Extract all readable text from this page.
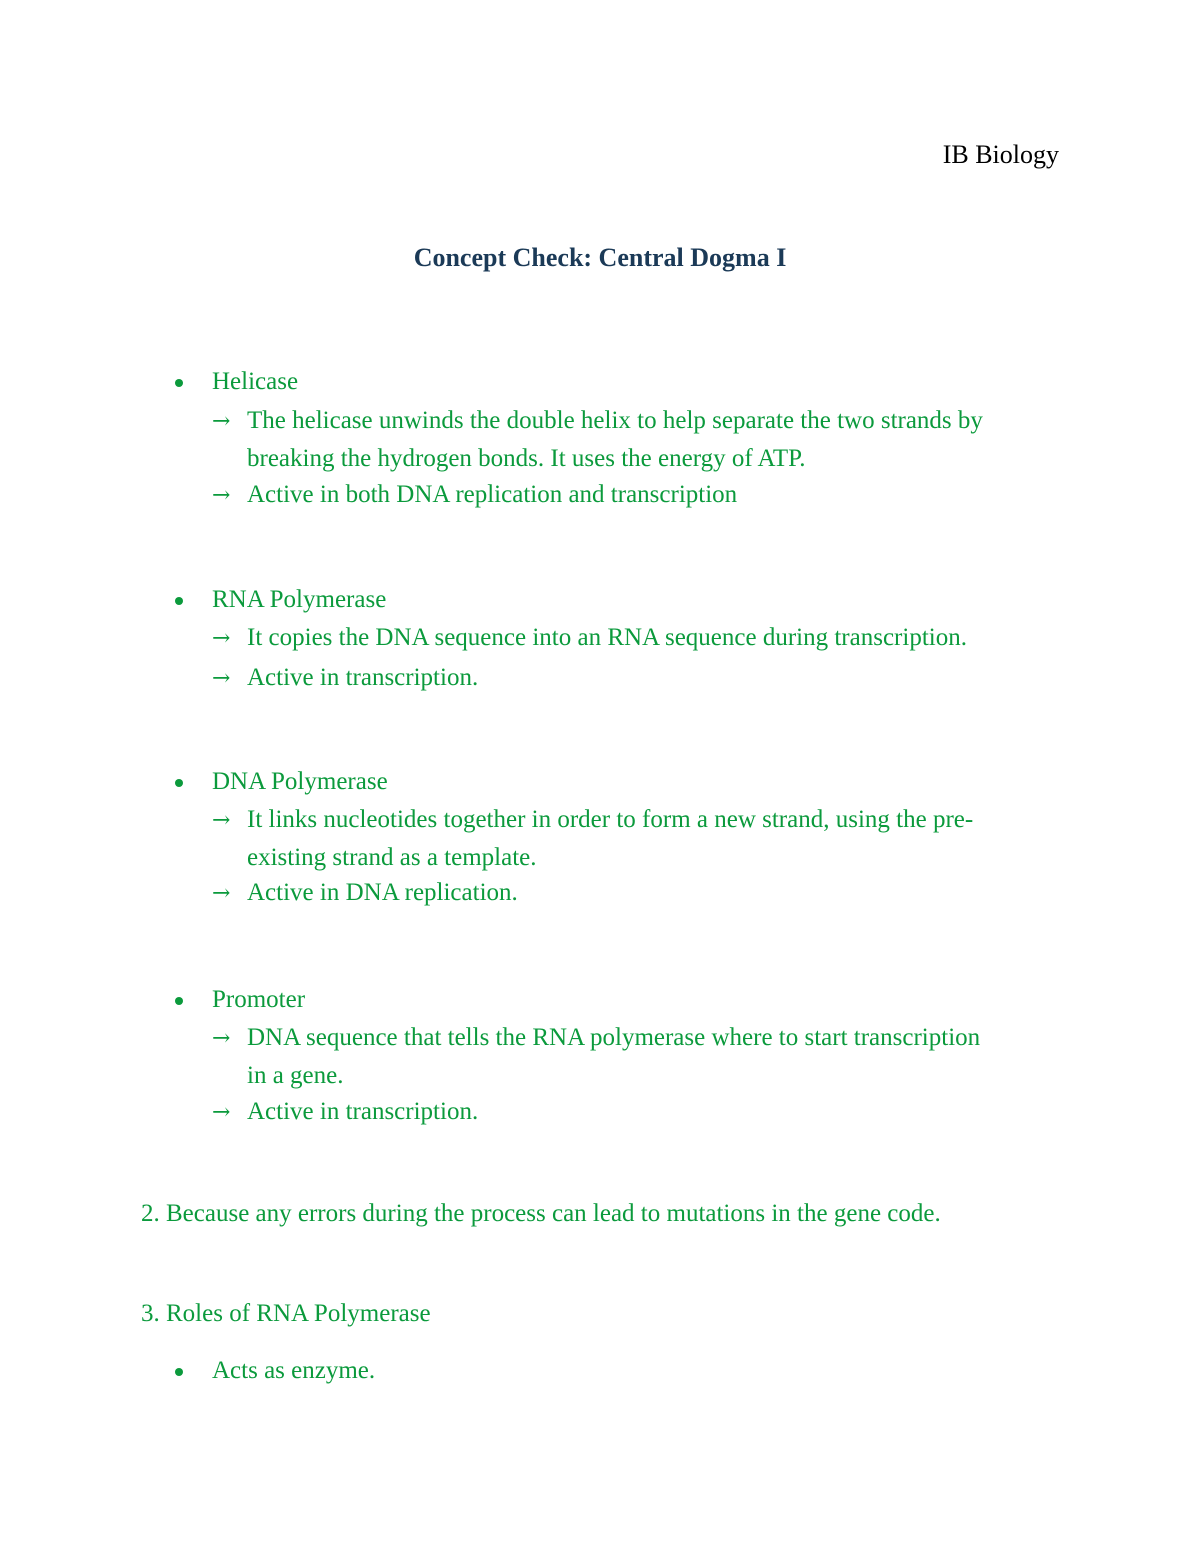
IB Biology
Concept Check: Central Dogma I
Helicase
→ The helicase unwinds the double helix to help separate the two strands by
breaking the hydrogen bonds. It uses the energy of ATP.
→ Active in both DNA replication and transcription
RNA Polymerase
→ It copies the DNA sequence into an RNA sequence during transcription.
→ Active in transcription.
DNA Polymerase
→ It links nucleotides together in order to form a new strand, using the pre-
existing strand as a template.
→ Active in DNA replication.
Promoter
→ DNA sequence that tells the RNA polymerase where to start transcription
in a gene.
→ Active in transcription.
2. Because any errors during the process can lead to mutations in the gene code.
3. Roles of RNA Polymerase
Acts as enzyme.
